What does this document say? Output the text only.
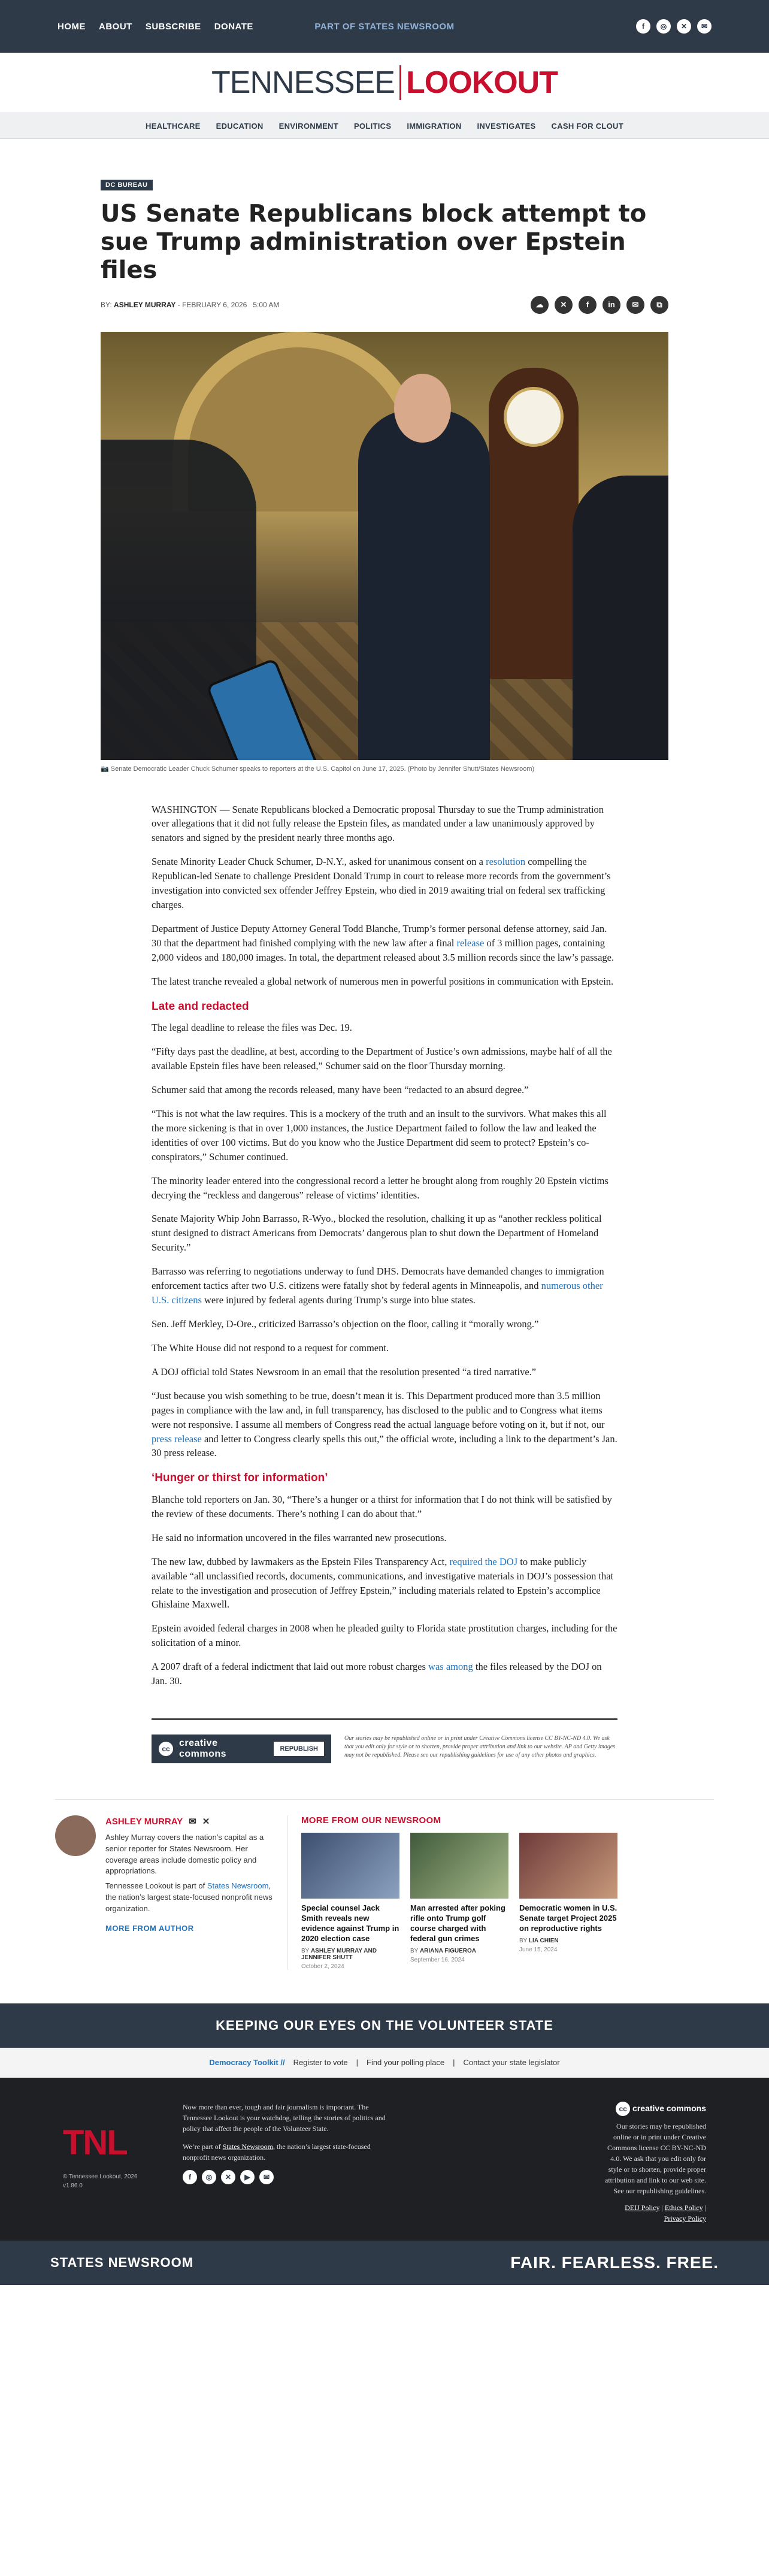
HOME ABOUT SUBSCRIBE DONATE	PART OF STATES NEWSROOM	f	◎	✕	✉
TENNESSEE LOOKOUT
HEALTHCARE EDUCATION ENVIRONMENT POLITICS IMMIGRATION INVESTIGATES CASH FOR CLOUT
DC BUREAU
US Senate Republicans block attempt to sue Trump administration over Epstein files
BY:
ASHLEY MURRAY
- FEBRUARY 6, 2026
5:00 AM	☁	✕	f	in	✉	⧉
📷 Senate Democratic Leader Chuck Schumer speaks to reporters at the U.S. Capitol on June 17, 2025. (Photo by Jennifer Shutt/States Newsroom)

WASHINGTON — Senate Republicans blocked a Democratic proposal Thursday to sue the Trump administration over allegations that it did not fully release the Epstein files, as mandated under a law unanimously approved by senators and signed by the president nearly three months ago.

Senate Minority Leader Chuck Schumer, D-N.Y., asked for unanimous consent on a resolution compelling the Republican-led Senate to challenge President Donald Trump in court to release more records from the government’s investigation into convicted sex offender Jeffrey Epstein, who died in 2019 awaiting trial on federal sex trafficking charges.

Department of Justice Deputy Attorney General Todd Blanche, Trump’s former personal defense attorney, said Jan. 30 that the department had finished complying with the new law after a final release of 3 million pages, containing 2,000 videos and 180,000 images. In total, the department released about 3.5 million records since the law’s passage.

The latest tranche revealed a global network of numerous men in powerful positions in communication with Epstein.

Late and redacted

The legal deadline to release the files was Dec. 19.

“Fifty days past the deadline, at best, according to the Department of Justice’s own admissions, maybe half of all the available Epstein files have been released,” Schumer said on the floor Thursday morning.

Schumer said that among the records released, many have been “redacted to an absurd degree.”

“This is not what the law requires. This is a mockery of the truth and an insult to the survivors. What makes this all the more sickening is that in over 1,000 instances, the Justice Department failed to follow the law and leaked the identities of over 100 victims. But do you know who the Justice Department did seem to protect? Epstein’s co-conspirators,” Schumer continued.

The minority leader entered into the congressional record a letter he brought along from roughly 20 Epstein victims decrying the “reckless and dangerous” release of victims’ identities.

Senate Majority Whip John Barrasso, R-Wyo., blocked the resolution, chalking it up as “another reckless political stunt designed to distract Americans from Democrats’ dangerous plan to shut down the Department of Homeland Security.”

Barrasso was referring to negotiations underway to fund DHS. Democrats have demanded changes to immigration enforcement tactics after two U.S. citizens were fatally shot by federal agents in Minneapolis, and numerous other U.S. citizens were injured by federal agents during Trump’s surge into blue states.

Sen. Jeff Merkley, D-Ore., criticized Barrasso’s objection on the floor, calling it “morally wrong.”

The White House did not respond to a request for comment.

A DOJ official told States Newsroom in an email that the resolution presented “a tired narrative.”

“Just because you wish something to be true, doesn’t mean it is. This Department produced more than 3.5 million pages in compliance with the law and, in full transparency, has disclosed to the public and to Congress what items were not responsive. I assume all members of Congress read the actual language before voting on it, but if not, our press release and letter to Congress clearly spells this out,” the official wrote, including a link to the department’s Jan. 30 press release.

‘Hunger or thirst for information’

Blanche told reporters on Jan. 30, “There’s a hunger or a thirst for information that I do not think will be satisfied by the review of these documents. There’s nothing I can do about that.”

He said no information uncovered in the files warranted new prosecutions.

The new law, dubbed by lawmakers as the Epstein Files Transparency Act, required the DOJ to make publicly available “all unclassified records, documents, communications, and investigative materials in DOJ’s possession that relate to the investigation and prosecution of Jeffrey Epstein,” including materials related to Epstein’s accomplice Ghislaine Maxwell.

Epstein avoided federal charges in 2008 when he pleaded guilty to Florida state prostitution charges, including for the solicitation of a minor.

A 2007 draft of a federal indictment that laid out more robust charges was among the files released by the DOJ on Jan. 30.

cc
creative commons	REPUBLISH
Our stories may be republished online or in print under Creative Commons license CC BY-NC-ND 4.0. We ask that you edit only for style or to shorten, provide proper attribution and link to our website. AP and Getty images may not be republished. Please see our republishing guidelines for use of any other photos and graphics.
ASHLEY MURRAY ✉ ✕

Ashley Murray covers the nation’s capital as a senior reporter for States Newsroom. Her coverage areas include domestic policy and appropriations.

Tennessee Lookout is part of States Newsroom, the nation’s largest state-focused nonprofit news organization.

MORE FROM AUTHOR
MORE FROM OUR NEWSROOM
Special counsel Jack Smith reveals new evidence against Trump in 2020 election case
BY ASHLEY MURRAY AND JENNIFER SHUTT
October 2, 2024
Man arrested after poking rifle onto Trump golf course charged with federal gun crimes
BY ARIANA FIGUEROA
September 16, 2024
Democratic women in U.S. Senate target Project 2025 on reproductive rights
BY LIA CHIEN
June 15, 2024
KEEPING OUR EYES ON THE VOLUNTEER STATE
Democracy Toolkit // Register to vote | Find your polling place | Contact your state legislator
TNL
© Tennessee Lookout, 2026
v1.86.0

Now more than ever, tough and fair journalism is important. The Tennessee Lookout is your watchdog, telling the stories of politics and policy that affect the people of the Volunteer State.

We’re part of States Newsroom, the nation’s largest state-focused nonprofit news organization.

f	◎	✕	▶	✉
cc creative commons
Our stories may be republished online or in print under Creative Commons license CC BY-NC-ND 4.0. We ask that you edit only for style or to shorten, provide proper attribution and link to our web site. See our republishing guidelines.
DEIJ Policy | Ethics Policy | Privacy Policy
STATES NEWSROOM	FAIR. FEARLESS. FREE.
